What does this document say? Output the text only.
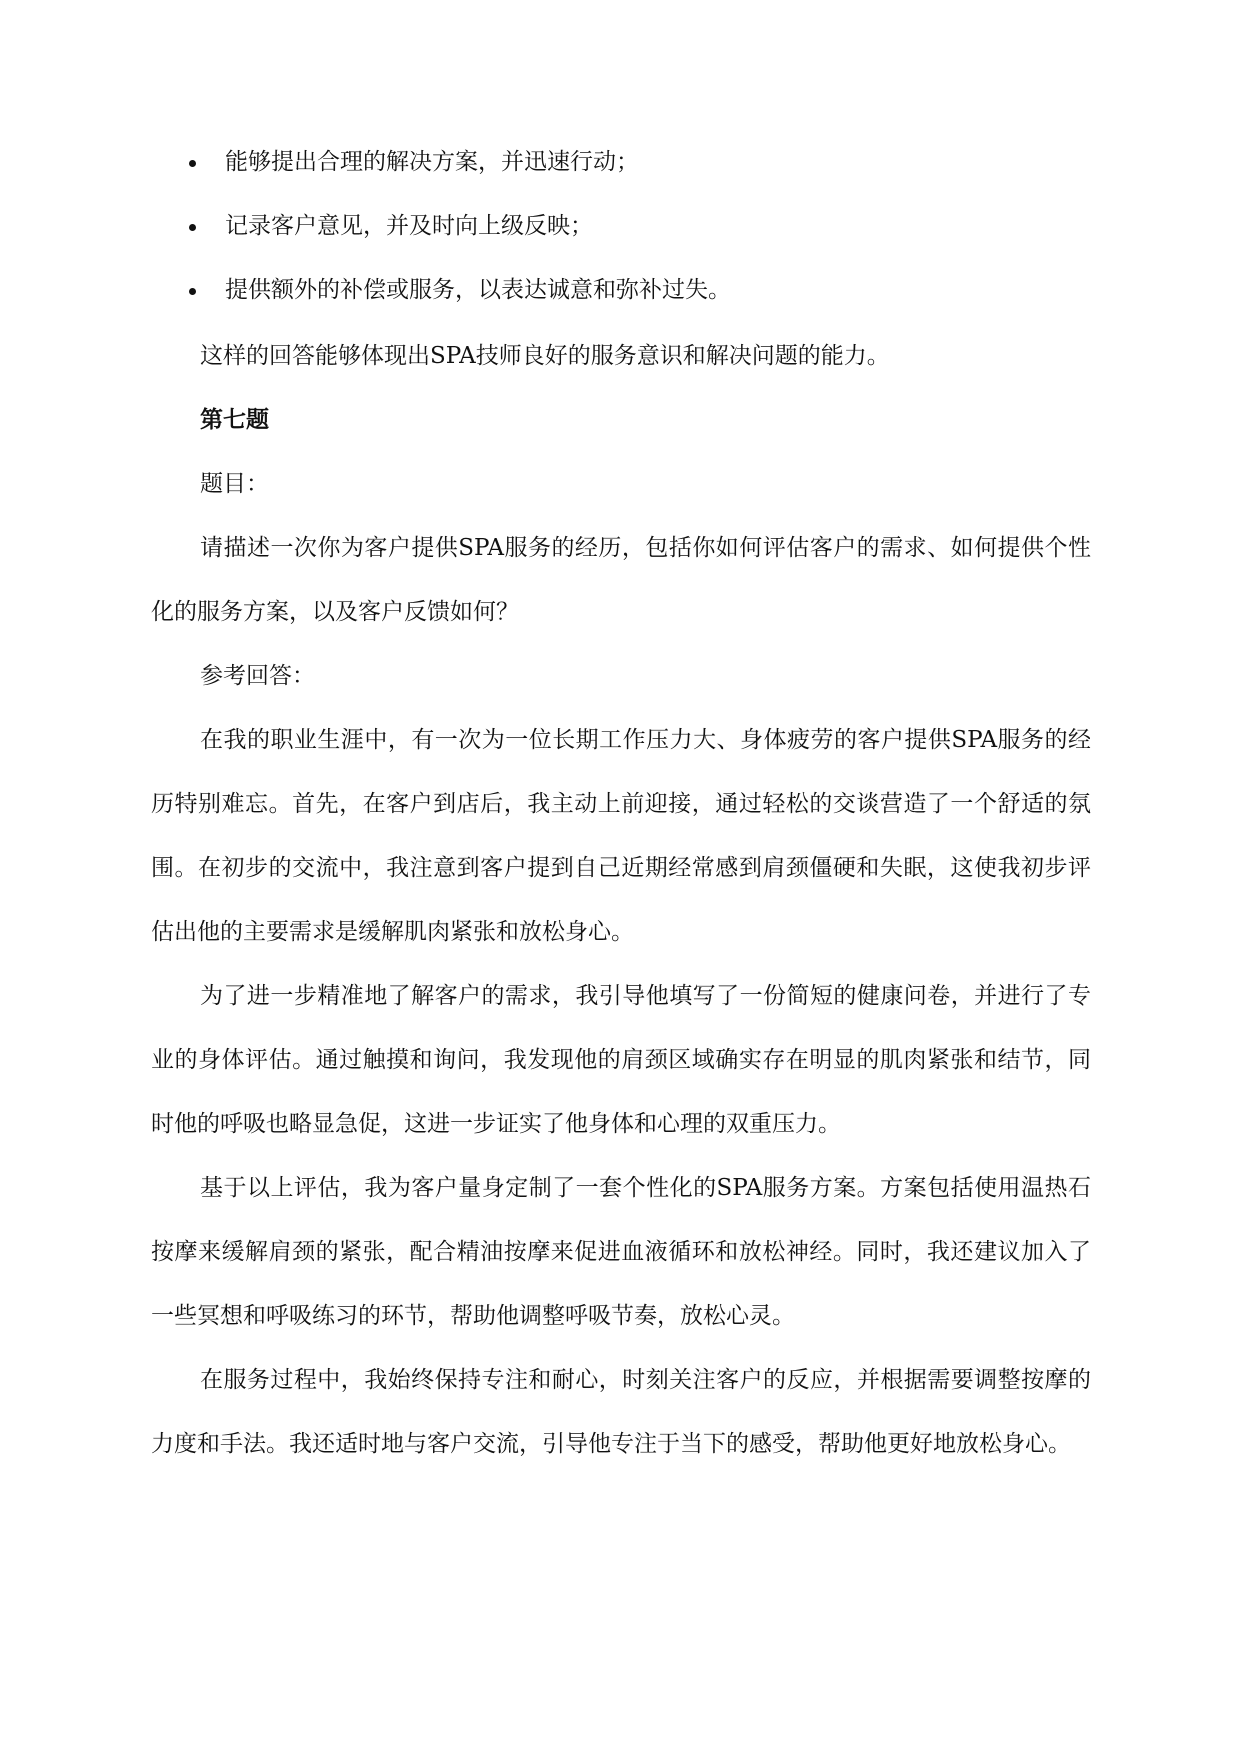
能够提出合理的解决方案，并迅速行动；
记录客户意见，并及时向上级反映；
提供额外的补偿或服务，以表达诚意和弥补过失。

这样的回答能够体现出SPA技师良好的服务意识和解决问题的能力。

第七题

题目：

请描述一次你为客户提供SPA服务的经历，包括你如何评估客户的需求、如何提供个性化的服务方案，以及客户反馈如何？

参考回答：

在我的职业生涯中，有一次为一位长期工作压力大、身体疲劳的客户提供SPA服务的经历特别难忘。首先，在客户到店后，我主动上前迎接，通过轻松的交谈营造了一个舒适的氛围。在初步的交流中，我注意到客户提到自己近期经常感到肩颈僵硬和失眠，这使我初步评估出他的主要需求是缓解肌肉紧张和放松身心。

为了进一步精准地了解客户的需求，我引导他填写了一份简短的健康问卷，并进行了专业的身体评估。通过触摸和询问，我发现他的肩颈区域确实存在明显的肌肉紧张和结节，同时他的呼吸也略显急促，这进一步证实了他身体和心理的双重压力。

基于以上评估，我为客户量身定制了一套个性化的SPA服务方案。方案包括使用温热石按摩来缓解肩颈的紧张，配合精油按摩来促进血液循环和放松神经。同时，我还建议加入了一些冥想和呼吸练习的环节，帮助他调整呼吸节奏，放松心灵。

在服务过程中，我始终保持专注和耐心，时刻关注客户的反应，并根据需要调整按摩的力度和手法。我还适时地与客户交流，引导他专注于当下的感受，帮助他更好地放松身心。
